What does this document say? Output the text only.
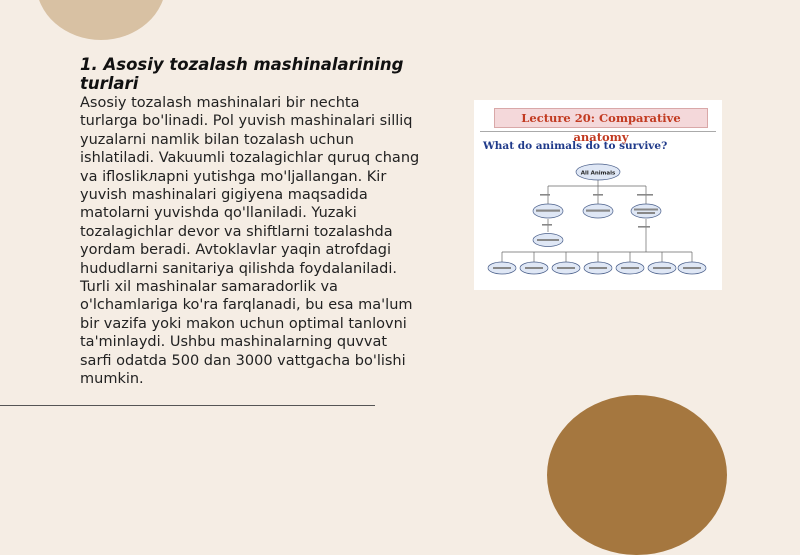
1. Asosiy tozalash mashinalarining turlari

Asosiy tozalash mashinalari bir nechta turlarga bo'linadi. Pol yuvish mashinalari silliq yuzalarni namlik bilan tozalash uchun ishlatiladi. Vakuumli tozalagichlar quruq chang va ifloslikларni yutishga mo'ljallangan. Kir yuvish mashinalari gigiyena maqsadida matolarni yuvishda qo'llaniladi. Yuzaki tozalagichlar devor va shiftlarni tozalashda yordam beradi. Avtoklavlar yaqin atrofdagi hududlarni sanitariya qilishda foydalaniladi. Turli xil mashinalar samaradorlik va o'lchamlariga ko'ra farqlanadi, bu esa ma'lum bir vazifa yoki makon uchun optimal tanlovni ta'minlaydi. Ushbu mashinalarning quvvat sarfi odatda 500 dan 3000 vattgacha bo'lishi mumkin.

Lecture 20: Comparative anatomy
What do animals do to survive?
All Animals
